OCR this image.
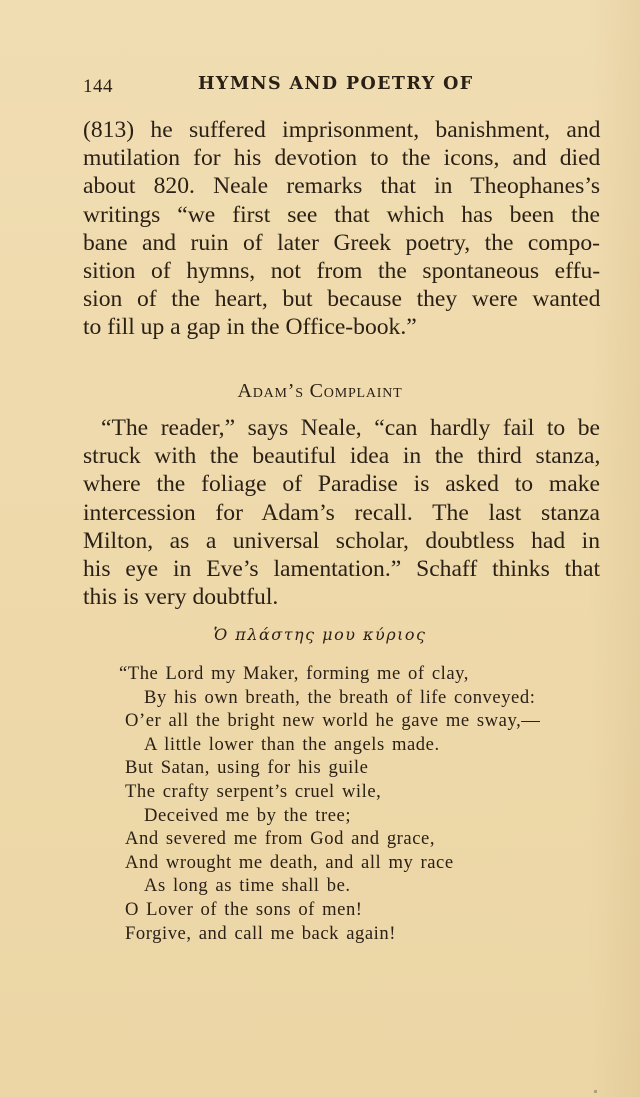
144	HYMNS AND POETRY OF
(813) he suffered imprisonment, banishment, and
mutilation for his devotion to the icons, and died
about 820. Neale remarks that in Theophanes’s
writings “we first see that which has been the
bane and ruin of later Greek poetry, the compo-
sition of hymns, not from the spontaneous effu-
sion of the heart, but because they were wanted
to fill up a gap in the Office-book.”
Adam’s Complaint
“The reader,” says Neale, “can hardly fail to be
struck with the beautiful idea in the third stanza,
where the foliage of Paradise is asked to make
intercession for Adam’s recall. The last stanza
Milton, as a universal scholar, doubtless had in
his eye in Eve’s lamentation.” Schaff thinks that
this is very doubtful.
Ὁ πλάστης μου κύριος
“The Lord my Maker, forming me of clay,
By his own breath, the breath of life conveyed:
O’er all the bright new world he gave me sway,—
A little lower than the angels made.
But Satan, using for his guile
The crafty serpent’s cruel wile,
Deceived me by the tree;
And severed me from God and grace,
And wrought me death, and all my race
As long as time shall be.
O Lover of the sons of men!
Forgive, and call me back again!
